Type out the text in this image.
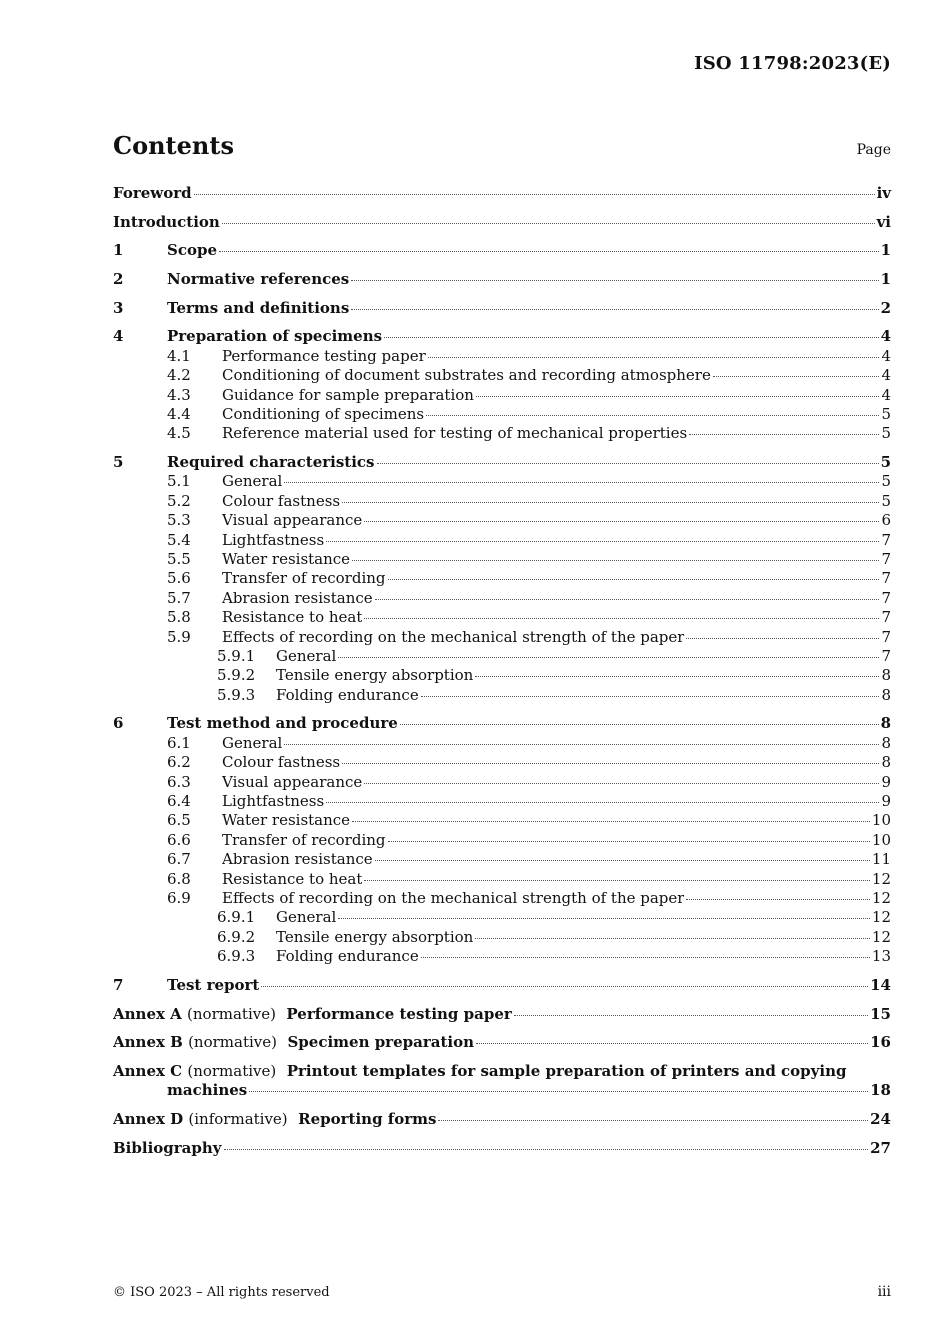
ISO 11798:2023(E)
Contents	Page
Foreword	iv
Introduction	vi
1	Scope	1
2	Normative references	1
3	Terms and definitions	2
4	Preparation of specimens	4
4.1	Performance testing paper	4
4.2	Conditioning of document substrates and recording atmosphere	4
4.3	Guidance for sample preparation	4
4.4	Conditioning of specimens	5
4.5	Reference material used for testing of mechanical properties	5
5	Required characteristics	5
5.1	General	5
5.2	Colour fastness	5
5.3	Visual appearance	6
5.4	Lightfastness	7
5.5	Water resistance	7
5.6	Transfer of recording	7
5.7	Abrasion resistance	7
5.8	Resistance to heat	7
5.9	Effects of recording on the mechanical strength of the paper	7
5.9.1	General	7
5.9.2	Tensile energy absorption	8
5.9.3	Folding endurance	8
6	Test method and procedure	8
6.1	General	8
6.2	Colour fastness	8
6.3	Visual appearance	9
6.4	Lightfastness	9
6.5	Water resistance	10
6.6	Transfer of recording	10
6.7	Abrasion resistance	11
6.8	Resistance to heat	12
6.9	Effects of recording on the mechanical strength of the paper	12
6.9.1	General	12
6.9.2	Tensile energy absorption	12
6.9.3	Folding endurance	13
7	Test report	14
Annex A (normative) Performance testing paper	15
Annex B (normative) Specimen preparation	16
Annex C (normative) Printout templates for sample preparation of printers and copying
machines	18
Annex D (informative) Reporting forms	24
Bibliography	27
© ISO 2023 – All rights reserved	iii
